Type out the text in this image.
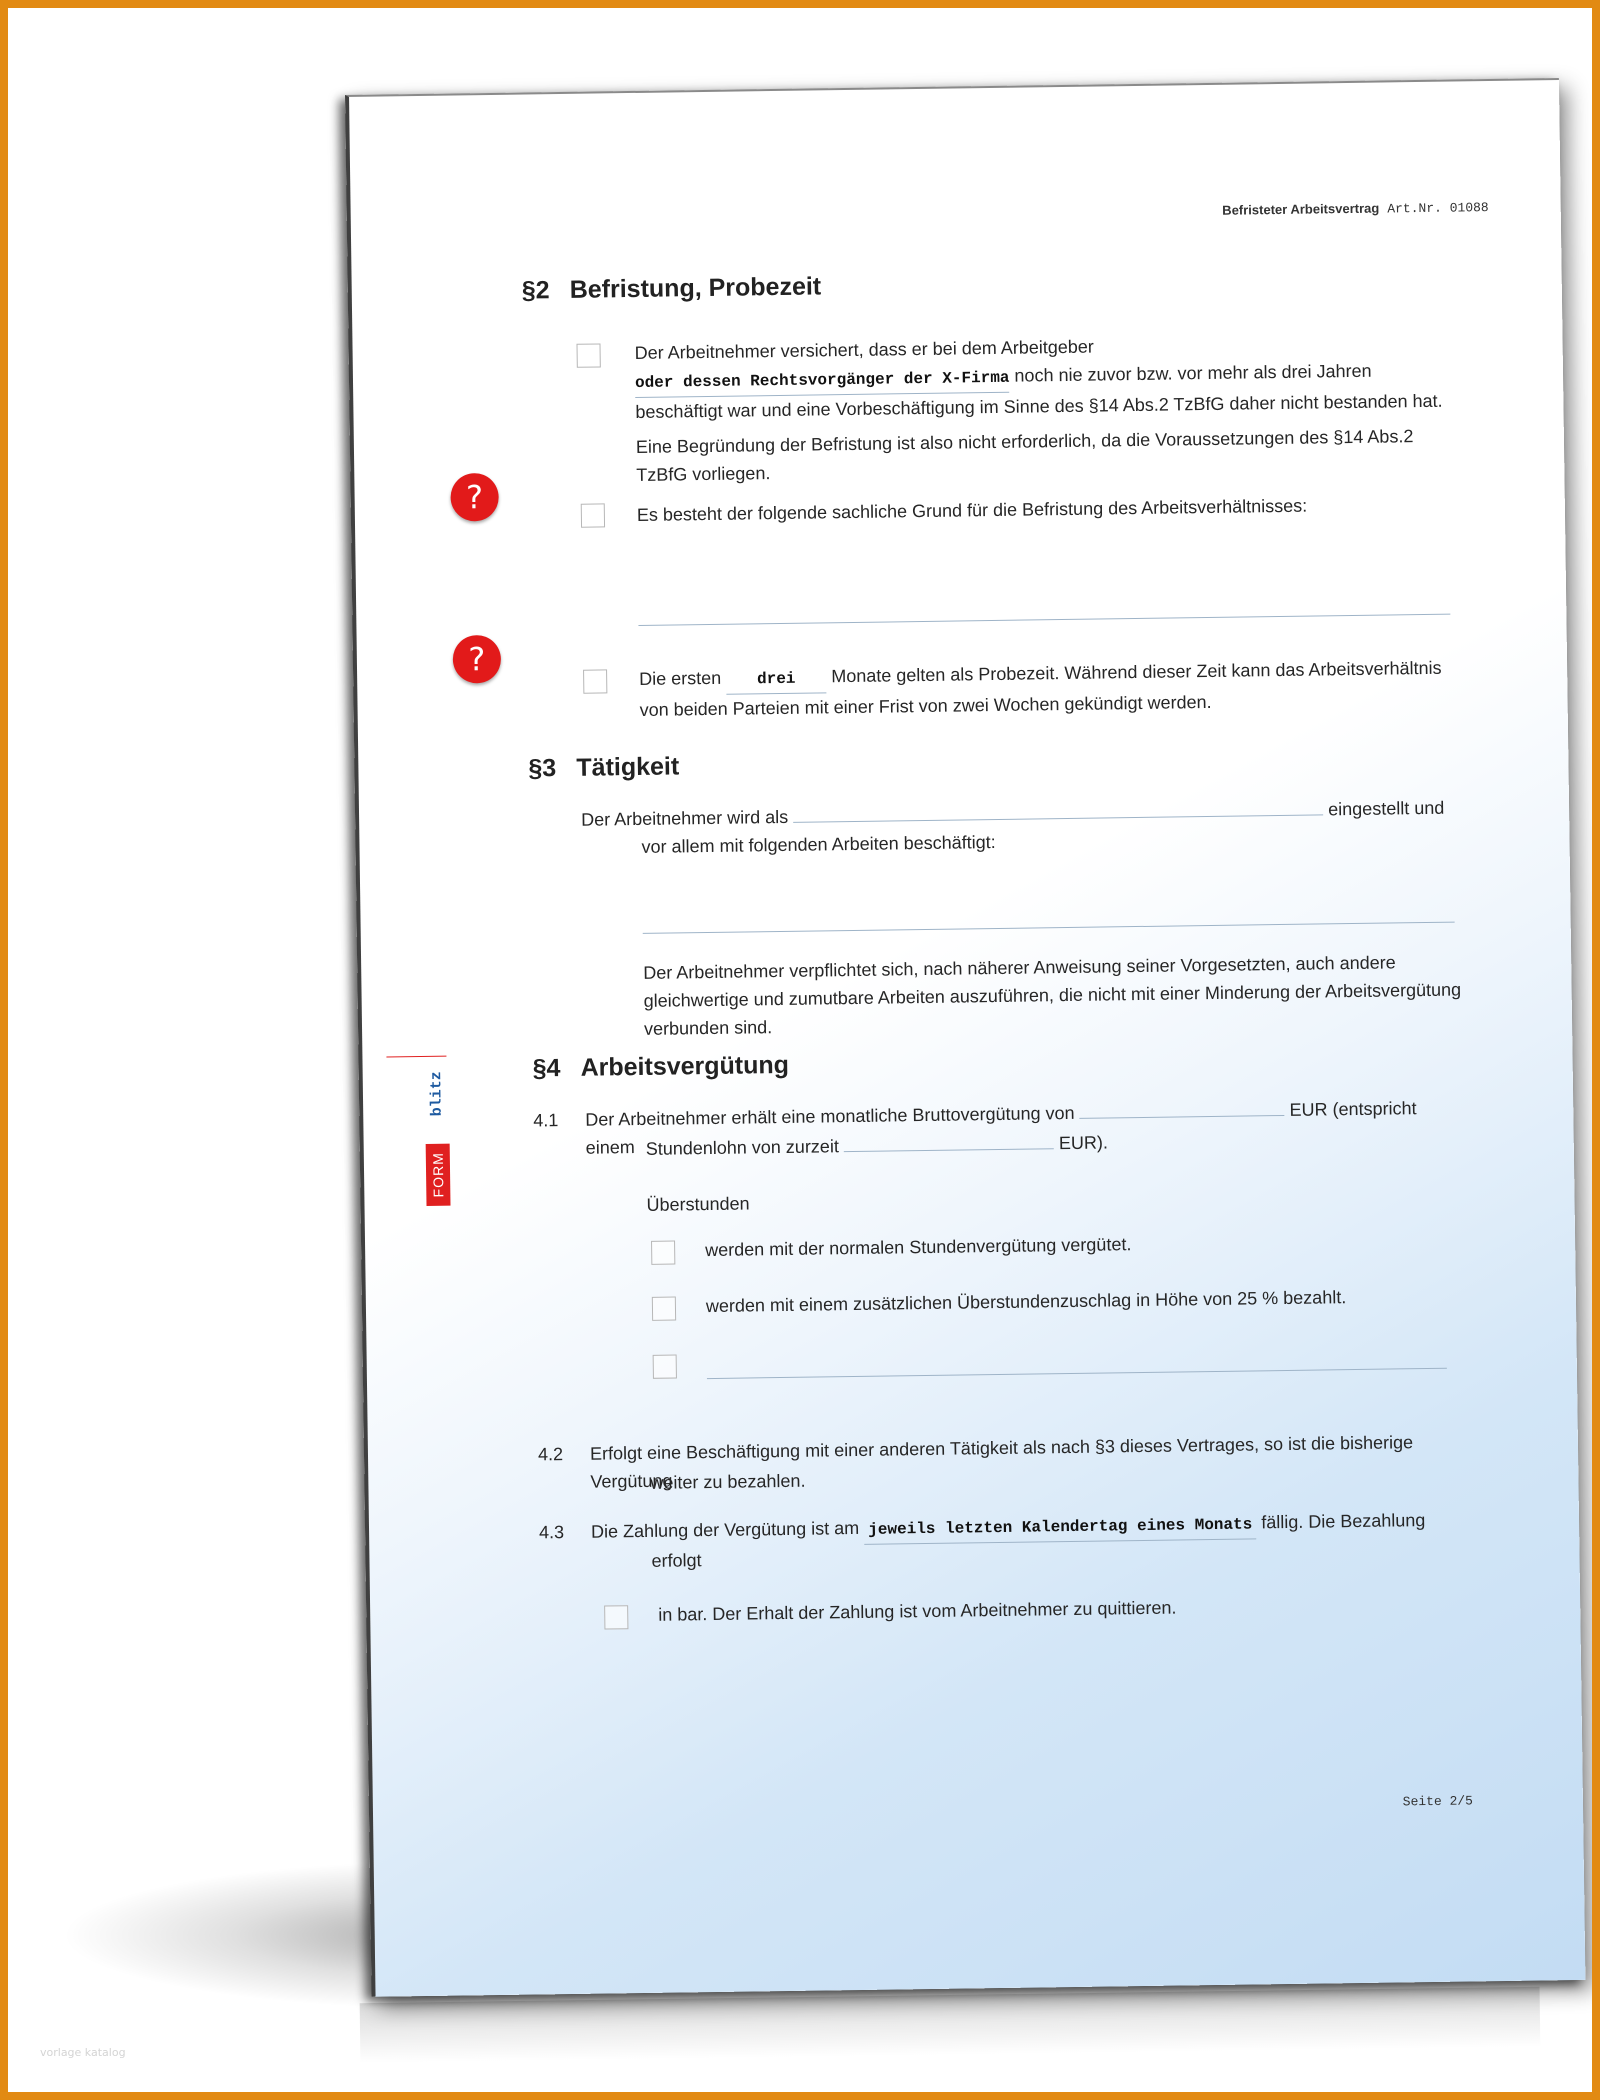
Befristeter Arbeitsvertrag Art.Nr. 01088
blitz
FORM
§2 Befristung, Probezeit
Der Arbeitnehmer versichert, dass er bei dem Arbeitgeber oder dessen Rechtsvorgänger der X-Firma noch nie zuvor bzw. vor mehr als drei Jahren beschäftigt war und eine Vorbeschäftigung im Sinne des §14 Abs.2 TzBfG daher nicht bestanden hat.
Eine Begründung der Befristung ist also nicht erforderlich, da die Voraussetzungen des §14 Abs.2 TzBfG vorliegen.
?	Es besteht der folgende sachliche Grund für die Befristung des Arbeitsverhältnisses:
?
Die ersten drei Monate gelten als Probezeit. Während dieser Zeit kann das Arbeitsverhältnis von beiden Parteien mit einer Frist von zwei Wochen gekündigt werden.
§3 Tätigkeit
Der Arbeitnehmer wird als	eingestellt und
vor allem mit folgenden Arbeiten beschäftigt:
Der Arbeitnehmer verpflichtet sich, nach näherer Anweisung seiner Vorgesetzten, auch andere gleichwertige und zumutbare Arbeiten auszuführen, die nicht mit einer Minderung der Arbeitsvergütung verbunden sind.
§4 Arbeitsvergütung
4.1 Der Arbeitnehmer erhält eine monatliche Bruttovergütung von	EUR (entspricht einem Stundenlohn von zurzeit	EUR).
Überstunden
werden mit der normalen Stundenvergütung vergütet.
werden mit einem zusätzlichen Überstundenzuschlag in Höhe von 25 % bezahlt.
4.2 Erfolgt eine Beschäftigung mit einer anderen Tätigkeit als nach §3 dieses Vertrages, so ist die bisherige Vergütung
weiter zu bezahlen.
4.3 Die Zahlung der Vergütung ist am jeweils letzten Kalendertag eines Monats fällig. Die Bezahlung
erfolgt
in bar. Der Erhalt der Zahlung ist vom Arbeitnehmer zu quittieren.
Seite 2/5
vorlage katalog
